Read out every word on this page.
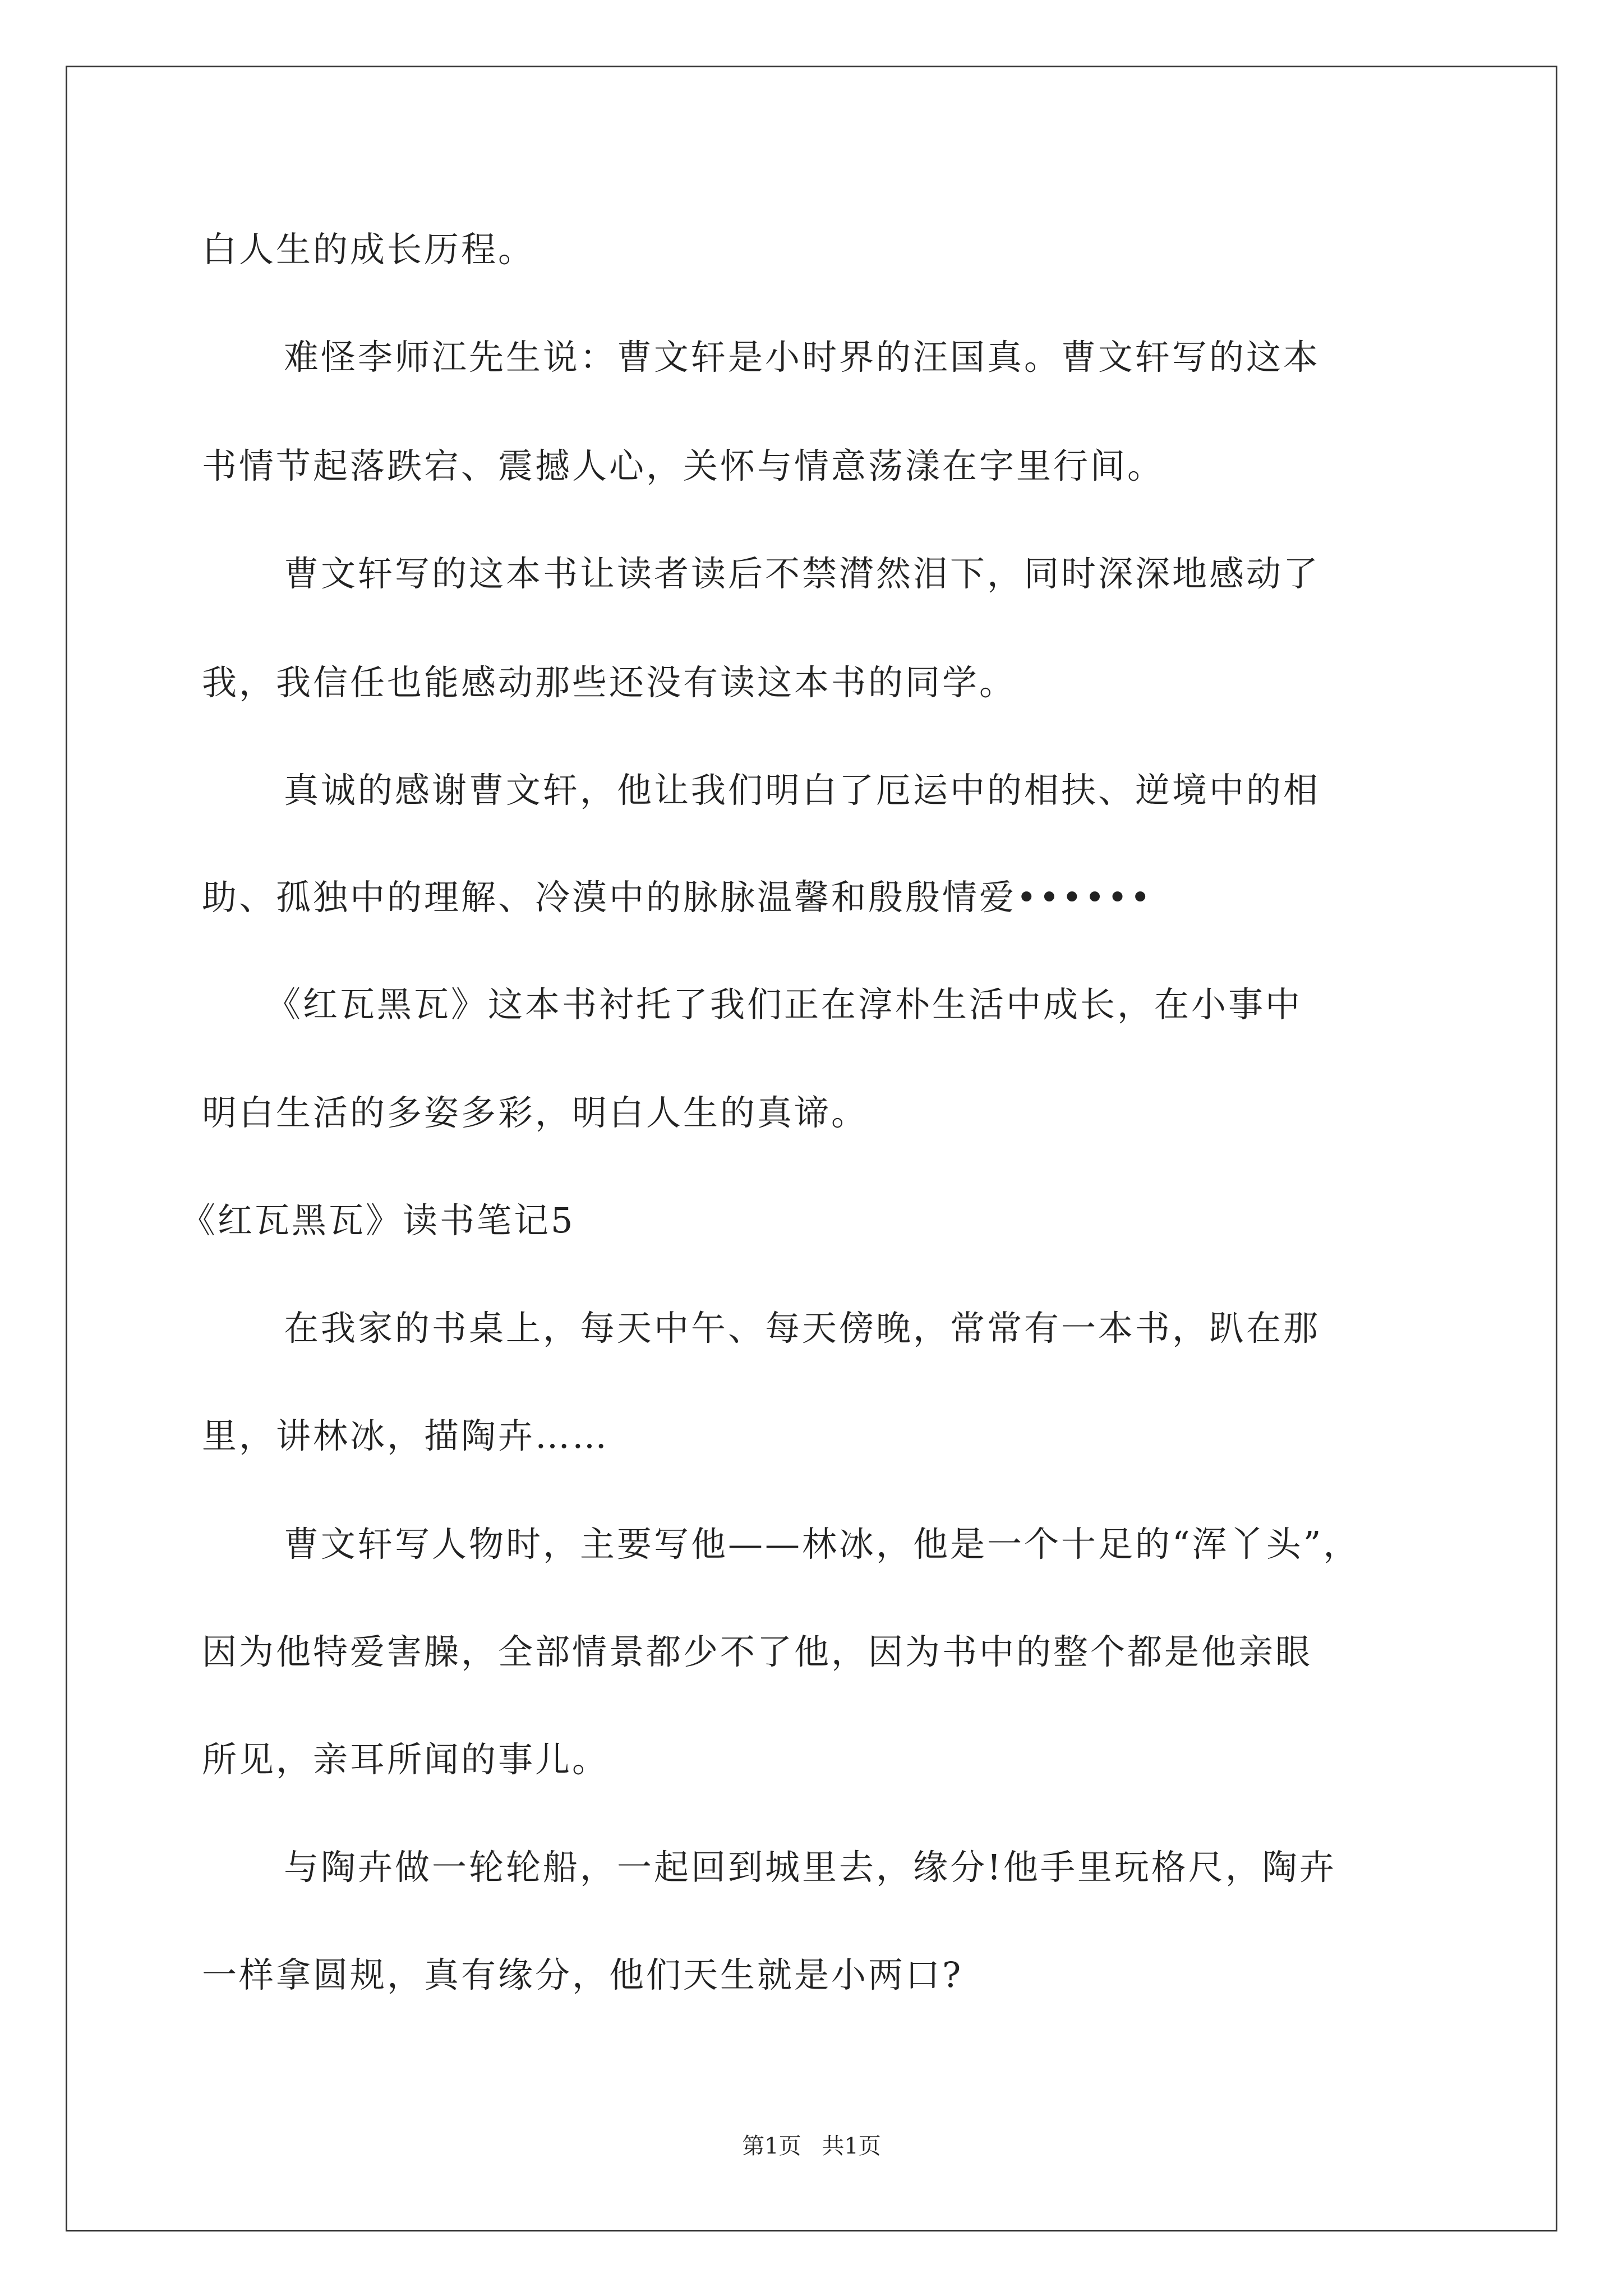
白人生的成长历程。
难怪李师江先生说：曹文轩是小时界的汪国真。曹文轩写的这本
书情节起落跌宕、震撼人心，关怀与情意荡漾在字里行间。
曹文轩写的这本书让读者读后不禁潸然泪下，同时深深地感动了
我，我信任也能感动那些还没有读这本书的同学。
真诚的感谢曹文轩，他让我们明白了厄运中的相扶、逆境中的相
助、孤独中的理解、冷漠中的脉脉温馨和殷殷情爱••••••
《红瓦黑瓦》这本书衬托了我们正在淳朴生活中成长，在小事中
明白生活的多姿多彩，明白人生的真谛。
《红瓦黑瓦》读书笔记5
在我家的书桌上，每天中午、每天傍晚，常常有一本书，趴在那
里，讲林冰，描陶卉……
曹文轩写人物时，主要写他——林冰，他是一个十足的“浑丫头”，
因为他特爱害臊，全部情景都少不了他，因为书中的整个都是他亲眼
所见，亲耳所闻的事儿。
与陶卉做一轮轮船，一起回到城里去，缘分!他手里玩格尺，陶卉
一样拿圆规，真有缘分，他们天生就是小两口?
第1页 共1页
